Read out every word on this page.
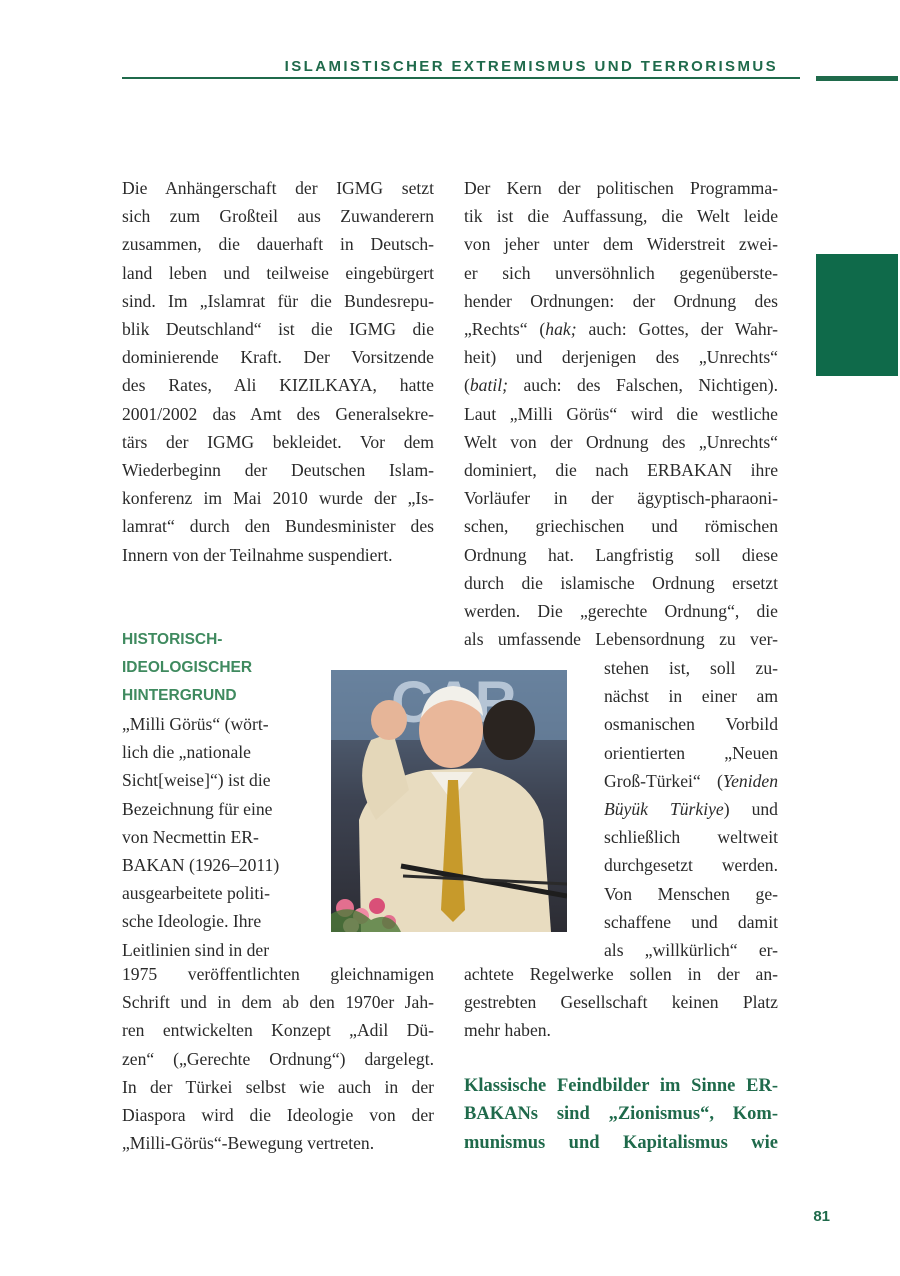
ISLAMISTISCHER EXTREMISMUS UND TERRORISMUS
Die Anhängerschaft der IGMG setzt
sich zum Großteil aus Zuwanderern
zusammen, die dauerhaft in Deutsch-
land leben und teilweise eingebürgert
sind. Im „Islamrat für die Bundesrepu-
blik Deutschland“ ist die IGMG die
dominierende Kraft. Der Vorsitzende
des Rates, Ali KIZILKAYA, hatte
2001/2002 das Amt des Generalsekre-
tärs der IGMG bekleidet. Vor dem
Wiederbeginn der Deutschen Islam-
konferenz im Mai 2010 wurde der „Is-
lamrat“ durch den Bundesminister des
Innern von der Teilnahme suspendiert.
HISTORISCH-
IDEOLOGISCHER
HINTERGRUND
„Milli Görüs“ (wört-
lich die „nationale
Sicht[weise]“) ist die
Bezeichnung für eine
von Necmettin ER-
BAKAN (1926–2011)
ausgearbeitete politi-
sche Ideologie. Ihre
Leitlinien sind in der
1975 veröffentlichten gleichnamigen
Schrift und in dem ab den 1970er Jah-
ren entwickelten Konzept „Adil Dü-
zen“ („Gerechte Ordnung“) dargelegt.
In der Türkei selbst wie auch in der
Diaspora wird die Ideologie von der
„Milli-Görüs“-Bewegung vertreten.
Der Kern der politischen Programma-
tik ist die Auffassung, die Welt leide
von jeher unter dem Widerstreit zwei-
er sich unversöhnlich gegenüberste-
hender Ordnungen: der Ordnung des
„Rechts“ (hak; auch: Gottes, der Wahr-
heit) und derjenigen des „Unrechts“
(batil; auch: des Falschen, Nichtigen).
Laut „Milli Görüs“ wird die westliche
Welt von der Ordnung des „Unrechts“
dominiert, die nach ERBAKAN ihre
Vorläufer in der ägyptisch-pharaoni-
schen, griechischen und römischen
Ordnung hat. Langfristig soll diese
durch die islamische Ordnung ersetzt
werden. Die „gerechte Ordnung“, die
als umfassende Lebensordnung zu ver-
stehen ist, soll zu-
nächst in einer am
osmanischen Vorbild
orientierten „Neuen
Groß-Türkei“ (Yeniden
Büyük Türkiye) und
schließlich weltweit
durchgesetzt werden.
Von Menschen ge-
schaffene und damit
als „willkürlich“ er-
achtete Regelwerke sollen in der an-
gestrebten Gesellschaft keinen Platz
mehr haben.
Klassische Feindbilder im Sinne ER-
BAKANs sind „Zionismus“, Kom-
munismus und Kapitalismus wie
81
